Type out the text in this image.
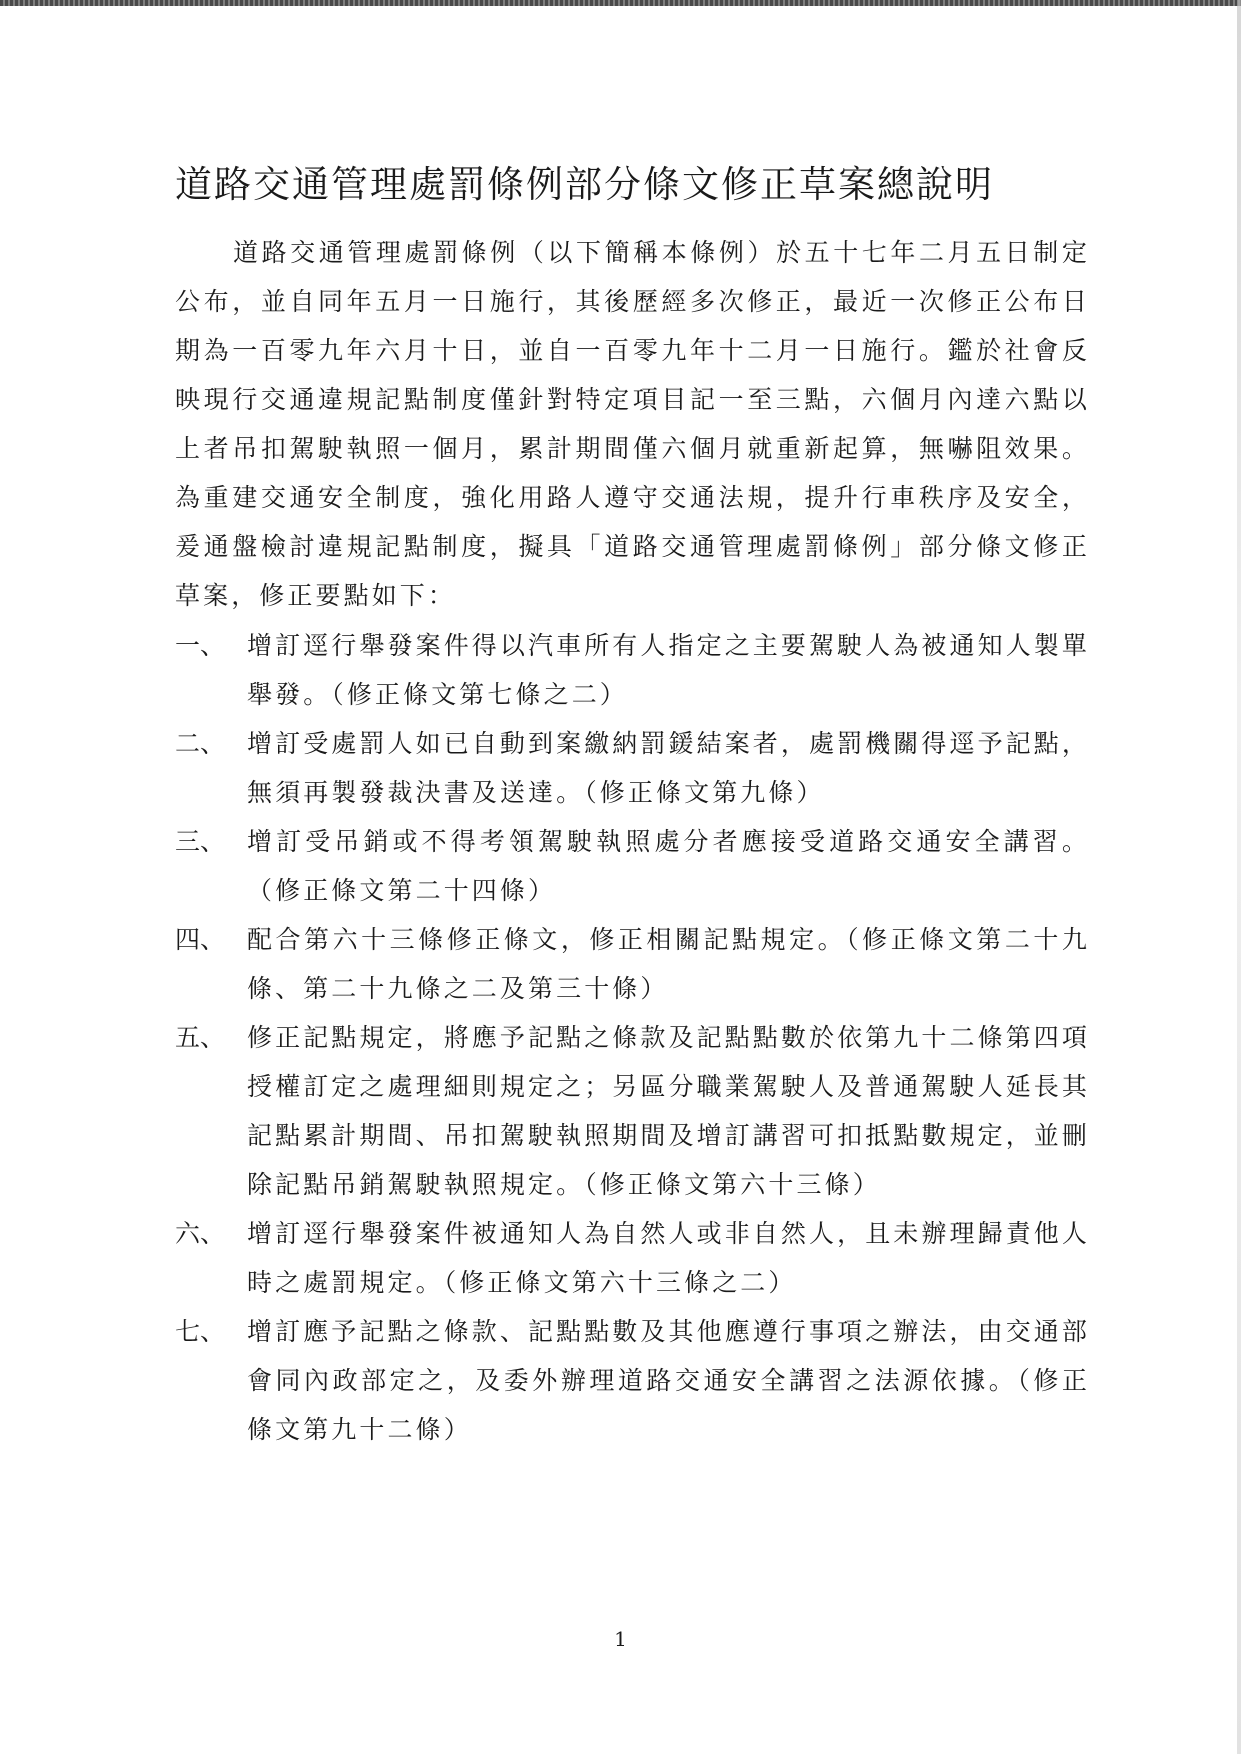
道路交通管理處罰條例部分條文修正草案總說明

道路交通管理處罰條例（以下簡稱本條例）於五十七年二月五日制定公布，並自同年五月一日施行，其後歷經多次修正，最近一次修正公布日期為一百零九年六月十日，並自一百零九年十二月一日施行。鑑於社會反映現行交通違規記點制度僅針對特定項目記一至三點，六個月內達六點以上者吊扣駕駛執照一個月，累計期間僅六個月就重新起算，無嚇阻效果。為重建交通安全制度，強化用路人遵守交通法規，提升行車秩序及安全，爰通盤檢討違規記點制度，擬具「道路交通管理處罰條例」部分條文修正草案，修正要點如下：

一、 增訂逕行舉發案件得以汽車所有人指定之主要駕駛人為被通知人製單舉發。（修正條文第七條之二）
二、 增訂受處罰人如已自動到案繳納罰鍰結案者，處罰機關得逕予記點，無須再製發裁決書及送達。（修正條文第九條）
三、 增訂受吊銷或不得考領駕駛執照處分者應接受道路交通安全講習。（修正條文第二十四條）
四、 配合第六十三條修正條文，修正相關記點規定。（修正條文第二十九條、第二十九條之二及第三十條）
五、 修正記點規定，將應予記點之條款及記點點數於依第九十二條第四項授權訂定之處理細則規定之；另區分職業駕駛人及普通駕駛人延長其記點累計期間、吊扣駕駛執照期間及增訂講習可扣抵點數規定，並刪除記點吊銷駕駛執照規定。（修正條文第六十三條）
六、 增訂逕行舉發案件被通知人為自然人或非自然人，且未辦理歸責他人時之處罰規定。（修正條文第六十三條之二）
七、 增訂應予記點之條款、記點點數及其他應遵行事項之辦法，由交通部會同內政部定之，及委外辦理道路交通安全講習之法源依據。（修正條文第九十二條）
1
